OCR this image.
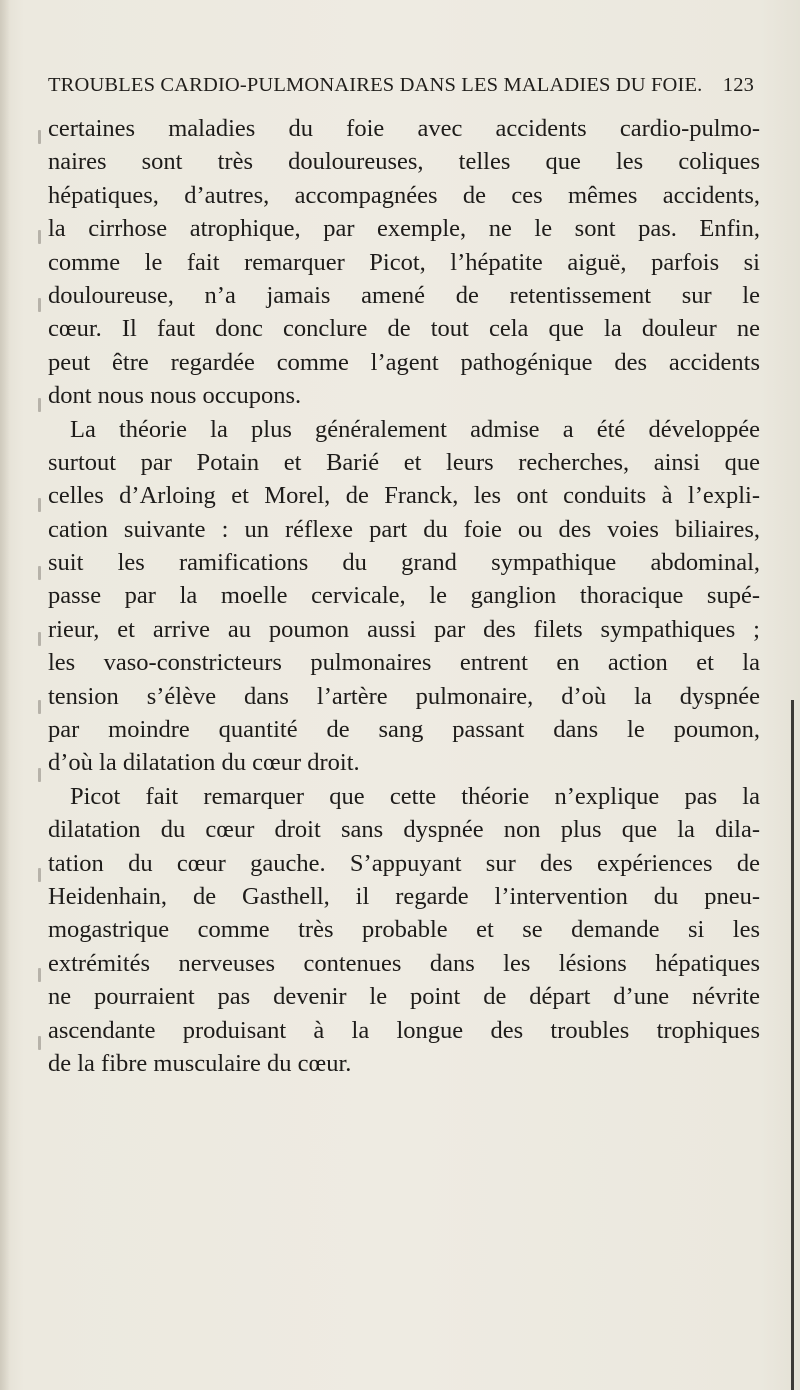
TROUBLES CARDIO-PULMONAIRES DANS LES MALADIES DU FOIE. 123
certaines maladies du foie avec accidents cardio-pulmo-
naires sont très douloureuses, telles que les coliques
hépatiques, d’autres, accompagnées de ces mêmes accidents,
la cirrhose atrophique, par exemple, ne le sont pas. Enfin,
comme le fait remarquer Picot, l’hépatite aiguë, parfois si
douloureuse, n’a jamais amené de retentissement sur le
cœur. Il faut donc conclure de tout cela que la douleur ne
peut être regardée comme l’agent pathogénique des accidents
dont nous nous occupons.
La théorie la plus généralement admise a été développée
surtout par Potain et Barié et leurs recherches, ainsi que
celles d’Arloing et Morel, de Franck, les ont conduits à l’expli-
cation suivante : un réflexe part du foie ou des voies biliaires,
suit les ramifications du grand sympathique abdominal,
passe par la moelle cervicale, le ganglion thoracique supé-
rieur, et arrive au poumon aussi par des filets sympathiques ;
les vaso-constricteurs pulmonaires entrent en action et la
tension s’élève dans l’artère pulmonaire, d’où la dyspnée
par moindre quantité de sang passant dans le poumon,
d’où la dilatation du cœur droit.
Picot fait remarquer que cette théorie n’explique pas la
dilatation du cœur droit sans dyspnée non plus que la dila-
tation du cœur gauche. S’appuyant sur des expériences de
Heidenhain, de Gasthell, il regarde l’intervention du pneu-
mogastrique comme très probable et se demande si les
extrémités nerveuses contenues dans les lésions hépatiques
ne pourraient pas devenir le point de départ d’une névrite
ascendante produisant à la longue des troubles trophiques
de la fibre musculaire du cœur.
